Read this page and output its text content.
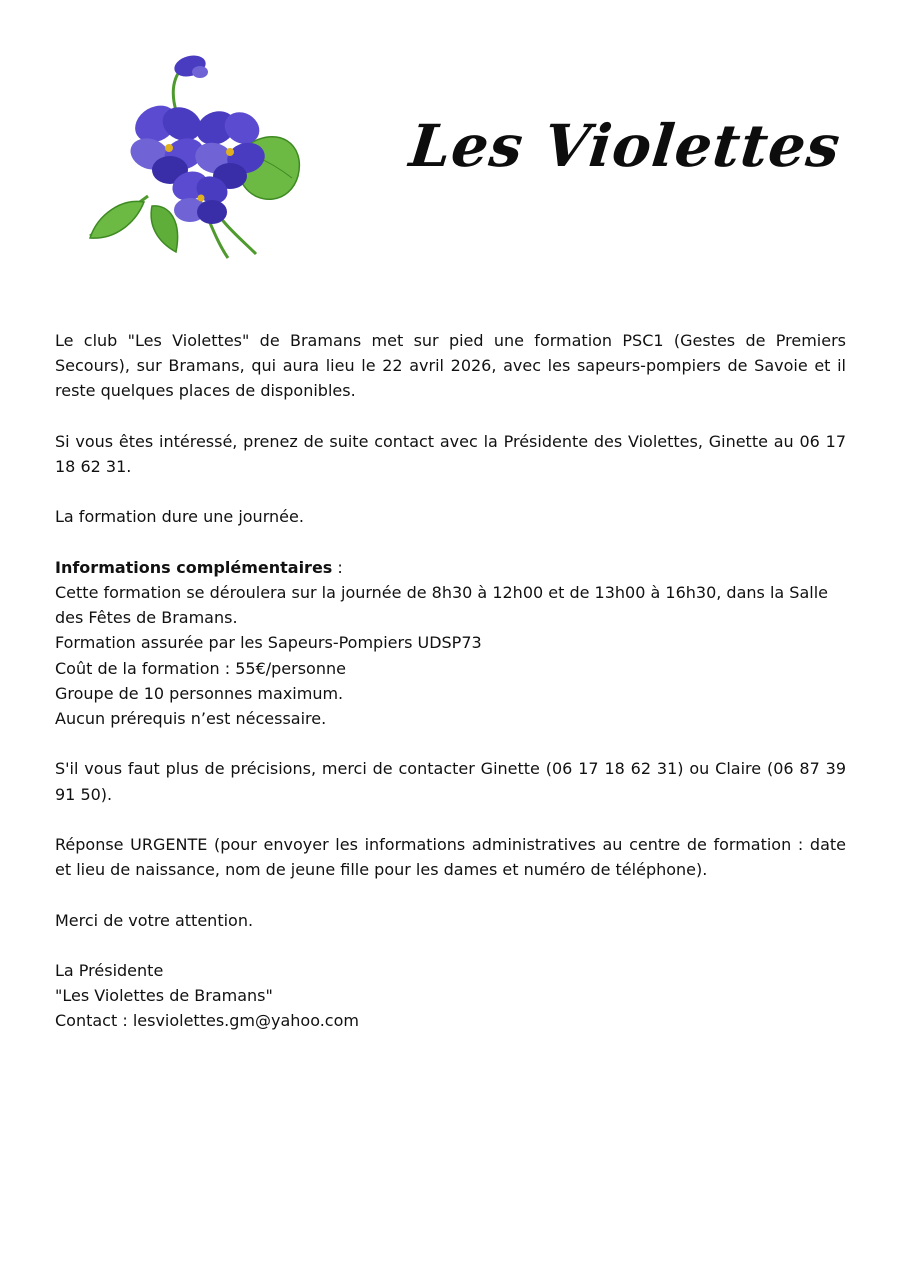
Les Violettes

Le club "Les Violettes" de Bramans met sur pied une formation PSC1 (Gestes de Premiers Secours), sur Bramans, qui aura lieu le 22 avril 2026, avec les sapeurs-pompiers de Savoie et il reste quelques places de disponibles.

Si vous êtes intéressé, prenez de suite contact avec la Présidente des Violettes, Ginette au 06 17 18 62 31.

La formation dure une journée.

Informations complémentaires :
Cette formation se déroulera sur la journée de 8h30 à 12h00 et de 13h00 à 16h30, dans la Salle des Fêtes de Bramans.
Formation assurée par les Sapeurs-Pompiers UDSP73
Coût de la formation : 55€/personne
Groupe de 10 personnes maximum.
Aucun prérequis n’est nécessaire.

S'il vous faut plus de précisions, merci de contacter Ginette (06 17 18 62 31) ou Claire (06 87 39 91 50).

Réponse URGENTE (pour envoyer les informations administratives au centre de formation : date et lieu de naissance, nom de jeune fille pour les dames et numéro de téléphone).

Merci de votre attention.

La Présidente
"Les Violettes de Bramans"
Contact : lesviolettes.gm@yahoo.com
